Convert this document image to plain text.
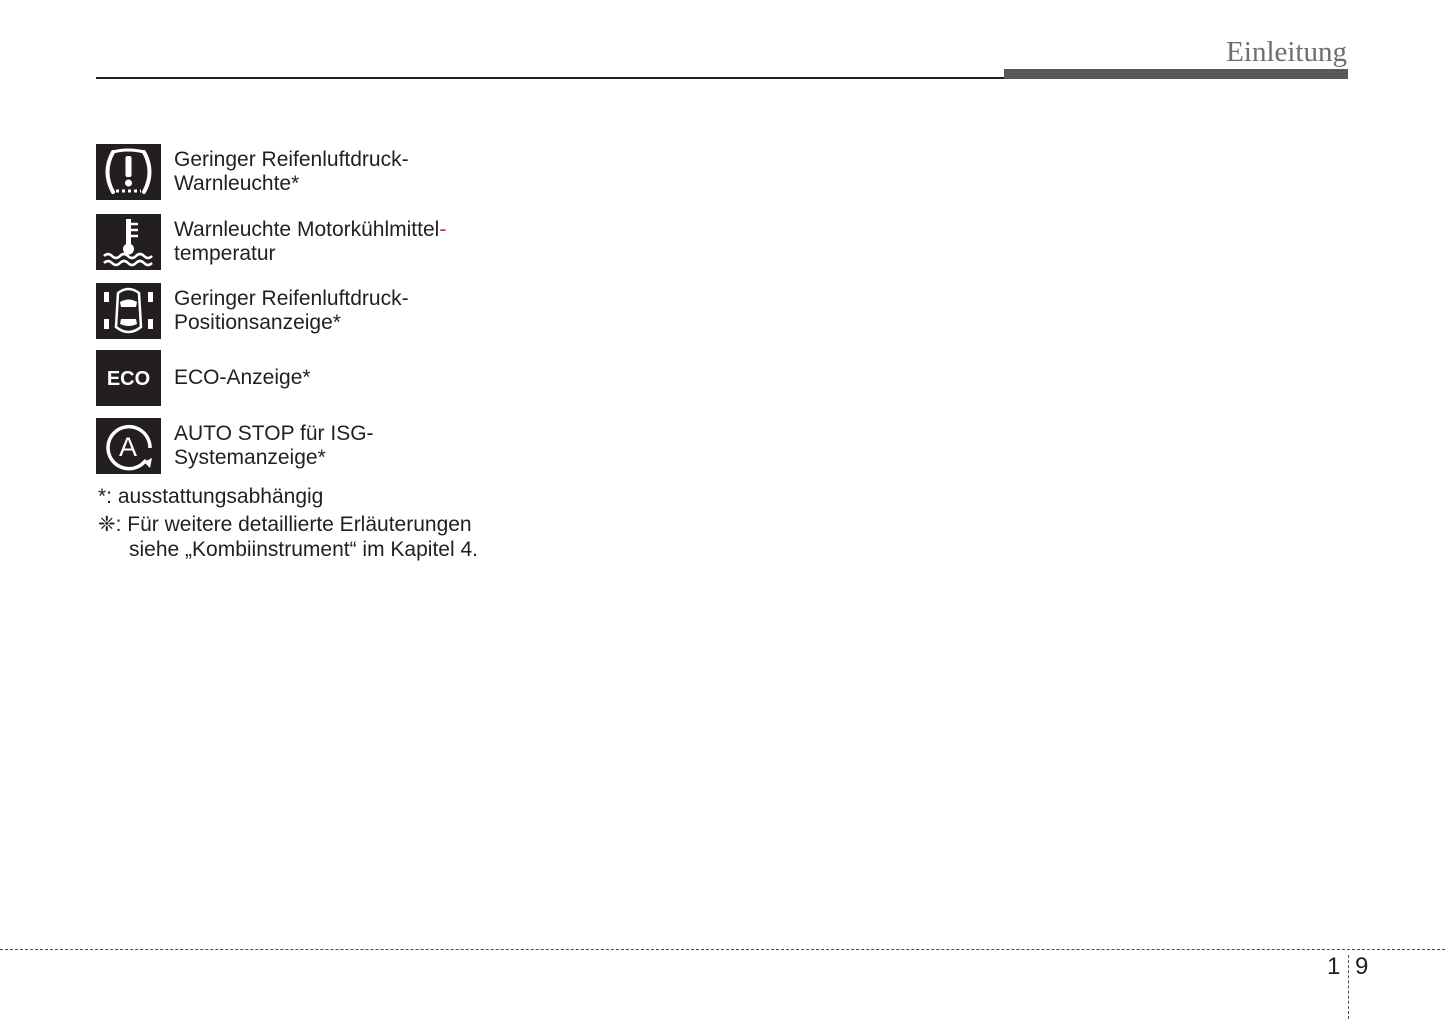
Einleitung
Geringer Reifenluftdruck-
Warnleuchte*
Warnleuchte Motorkühlmittel-
temperatur
Geringer Reifenluftdruck-
Positionsanzeige*
ECO ECO-Anzeige*
A AUTO STOP für ISG-
Systemanzeige*
*: ausstattungsabhängig
❈: Für weitere detaillierte Erläuterungen
siehe „Kombiinstrument“ im Kapitel 4.
1 9
